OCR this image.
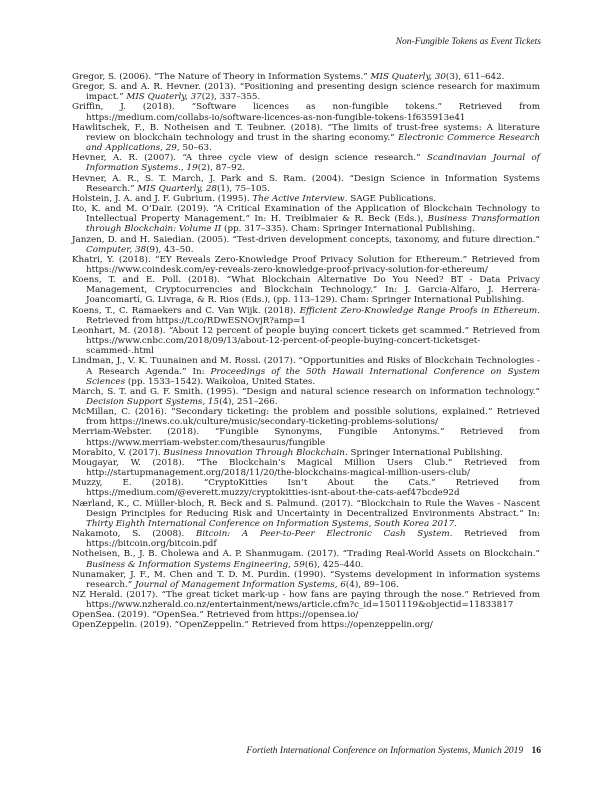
Non-Fungible Tokens as Event Tickets
Gregor, S. (2006). “The Nature of Theory in Information Systems.” MIS Quaterly, 30(3), 611–642.
Gregor, S. and A. R. Hevner. (2013). “Positioning and presenting design science research for maximum impact.” MIS Quaterly, 37(2), 337–355.
Griffin, J. (2018). “Software licences as non-fungible tokens.” Retrieved from https://medium.com/collabs-io/software-licences-as-non-fungible-tokens-1f635913e41
Hawlitschek, F., B. Notheisen and T. Teubner. (2018). “The limits of trust-free systems: A literature review on blockchain technology and trust in the sharing economy.” Electronic Commerce Research and Applications, 29, 50–63.
Hevner, A. R. (2007). “A three cycle view of design science research.” Scandinavian Journal of Information Systems., 19(2), 87–92.
Hevner, A. R., S. T. March, J. Park and S. Ram. (2004). “Design Science in Information Systems Research.” MIS Quarterly, 28(1), 75–105.
Holstein, J. A. and J. F. Gubrium. (1995). The Active Interview. SAGE Publications.
Ito, K. and M. O’Dair. (2019). “A Critical Examination of the Application of Blockchain Technology to Intellectual Property Management.” In: H. Treiblmaier & R. Beck (Eds.), Business Transformation through Blockchain: Volume II (pp. 317–335). Cham: Springer International Publishing.
Janzen, D. and H. Saiedian. (2005). “Test-driven development concepts, taxonomy, and future direction.” Computer, 38(9), 43–50.
Khatri, Y. (2018). “EY Reveals Zero-Knowledge Proof Privacy Solution for Ethereum.” Retrieved from https://www.coindesk.com/ey-reveals-zero-knowledge-proof-privacy-solution-for-ethereum/
Koens, T. and E. Poll. (2018). “What Blockchain Alternative Do You Need? BT - Data Privacy Management, Cryptocurrencies and Blockchain Technology.” In: J. Garcia-Alfaro, J. Herrera-Joancomartí, G. Livraga, & R. Rios (Eds.), (pp. 113–129). Cham: Springer International Publishing.
Koens, T., C. Ramaekers and C. Van Wijk. (2018). Efficient Zero-Knowledge Range Proofs in Ethereum. Retrieved from https://t.co/RDwESNOvjR?amp=1
Leonhart, M. (2018). “About 12 percent of people buying concert tickets get scammed.” Retrieved from https://www.cnbc.com/2018/09/13/about-12-percent-of-people-buying-concert-ticketsget-scammed-.html
Lindman, J., V. K. Tuunainen and M. Rossi. (2017). “Opportunities and Risks of Blockchain Technologies - A Research Agenda.” In: Proceedings of the 50th Hawaii International Conference on System Sciences (pp. 1533–1542). Waikoloa, United States.
March, S. T. and G. F. Smith. (1995). “Design and natural science research on information technology.” Decision Support Systems, 15(4), 251–266.
McMillan, C. (2016). “Secondary ticketing: the problem and possible solutions, explained.” Retrieved from https://inews.co.uk/culture/music/secondary-ticketing-problems-solutions/
Merriam-Webster. (2018). “Fungible Synonyms, Fungible Antonyms.” Retrieved from https://www.merriam-webster.com/thesaurus/fungible
Morabito, V. (2017). Business Innovation Through Blockchain. Springer International Publishing.
Mougayar, W. (2018). “The Blockchain’s Magical Million Users Club.” Retrieved from http://startupmanagement.org/2018/11/20/the-blockchains-magical-million-users-club/
Muzzy, E. (2018). “CryptoKitties Isn’t About the Cats.” Retrieved from https://medium.com/@everett.muzzy/cryptokitties-isnt-about-the-cats-aef47bcde92d
Nærland, K., C. Müller-bloch, R. Beck and S. Palmund. (2017). “Blockchain to Rule the Waves - Nascent Design Principles for Reducing Risk and Uncertainty in Decentralized Environments Abstract.” In: Thirty Eighth International Conference on Information Systems, South Korea 2017.
Nakamoto, S. (2008). Bitcoin: A Peer-to-Peer Electronic Cash System. Retrieved from https://bitcoin.org/bitcoin.pdf
Notheisen, B., J. B. Cholewa and A. P. Shanmugam. (2017). “Trading Real-World Assets on Blockchain.” Business & Information Systems Engineering, 59(6), 425–440.
Nunamaker, J. F., M. Chen and T. D. M. Purdin. (1990). “Systems development in information systems research.” Journal of Management Information Systems, 6(4), 89–106.
NZ Herald. (2017). “The great ticket mark-up - how fans are paying through the nose.” Retrieved from https://www.nzherald.co.nz/entertainment/news/article.cfm?c_id=1501119&objectid=11833817
OpenSea. (2019). “OpenSea.” Retrieved from https://opensea.io/
OpenZeppelin. (2019). “OpenZeppelin.” Retrieved from https://openzeppelin.org/
Fortieth International Conference on Information Systems, Munich 2019 16
